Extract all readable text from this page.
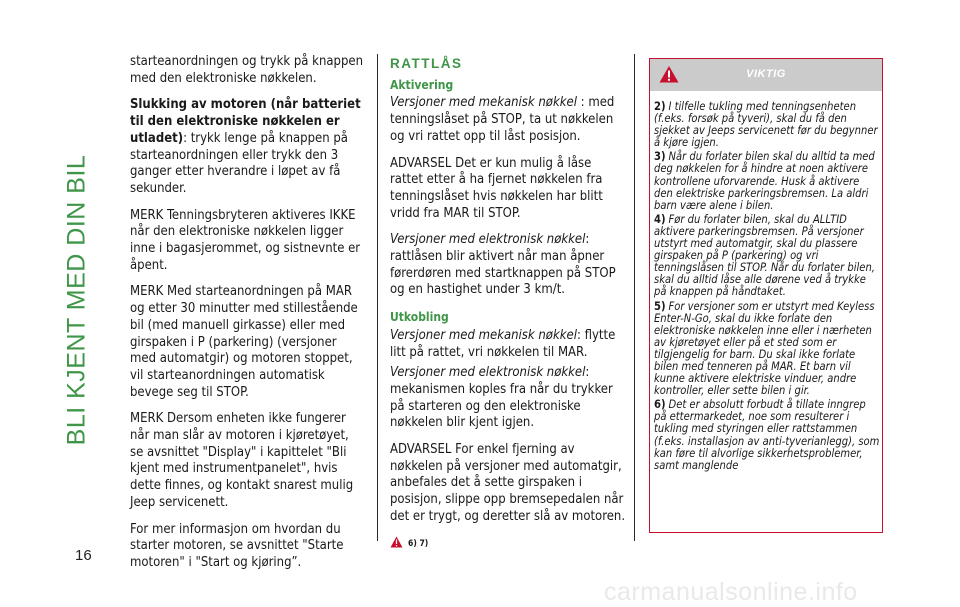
BLI KJENT MED DIN BIL

starteanordningen og trykk på knappen med den elektroniske nøkkelen.

Slukking av motoren (når batteriet til den elektroniske nøkkelen er utladet): trykk lenge på knappen på starteanordningen eller trykk den 3 ganger etter hverandre i løpet av få sekunder.

MERK Tenningsbryteren aktiveres IKKE når den elektroniske nøkkelen ligger inne i bagasjerommet, og sistnevnte er åpent.

MERK Med starteanordningen på MAR og etter 30 minutter med stillestående bil (med manuell girkasse) eller med girspaken i P (parkering) (versjoner med automatgir) og motoren stoppet, vil starteanordningen automatisk bevege seg til STOP.

MERK Dersom enheten ikke fungerer når man slår av motoren i kjøretøyet, se avsnittet "Display" i kapittelet "Bli kjent med instrumentpanelet", hvis dette finnes, og kontakt snarest mulig Jeep servicenett.

For mer informasjon om hvordan du starter motoren, se avsnittet "Starte motoren" i "Start og kjøring”.

RATTLÅS
Aktivering

Versjoner med mekanisk nøkkel : med tenningslåset på STOP, ta ut nøkkelen og vri rattet opp til låst posisjon.

ADVARSEL Det er kun mulig å låse rattet etter å ha fjernet nøkkelen fra tenningslåset hvis nøkkelen har blitt vridd fra MAR til STOP.

Versjoner med elektronisk nøkkel: rattlåsen blir aktivert når man åpner førerdøren med startknappen på STOP og en hastighet under 3 km/t.

Utkobling

Versjoner med mekanisk nøkkel: flytte litt på rattet, vri nøkkelen til MAR.

Versjoner med elektronisk nøkkel: mekanismen koples fra når du trykker på starteren og den elektroniske nøkkelen blir kjent igjen.

ADVARSEL For enkel fjerning av nøkkelen på versjoner med automatgir, anbefales det å sette girspaken i posisjon, slippe opp bremsepedalen når det er trygt, og deretter slå av motoren.

6) 7)
VIKTIG

2) I tilfelle tukling med tenningsenheten (f.eks. forsøk på tyveri), skal du få den sjekket av Jeeps servicenett før du begynner å kjøre igjen.

3) Når du forlater bilen skal du alltid ta med deg nøkkelen for å hindre at noen aktivere kontrollene uforvarende. Husk å aktivere den elektriske parkeringsbremsen. La aldri barn være alene i bilen.

4) Før du forlater bilen, skal du ALLTID aktivere parkeringsbremsen. På versjoner utstyrt med automatgir, skal du plassere girspaken på P (parkering) og vri tenningslåsen til STOP. Når du forlater bilen, skal du alltid låse alle dørene ved å trykke på knappen på håndtaket.

5) For versjoner som er utstyrt med Keyless Enter-N-Go, skal du ikke forlate den elektroniske nøkkelen inne eller i nærheten av kjøretøyet eller på et sted som er tilgjengelig for barn. Du skal ikke forlate bilen med tenneren på MAR. Et barn vil kunne aktivere elektriske vinduer, andre kontroller, eller sette bilen i gir.

6) Det er absolutt forbudt å tillate inngrep på ettermarkedet, noe som resulterer i tukling med styringen eller rattstammen (f.eks. installasjon av anti-tyverianlegg), som kan føre til alvorlige sikkerhetsproblemer, samt manglende

16
carmanualsonline.info
